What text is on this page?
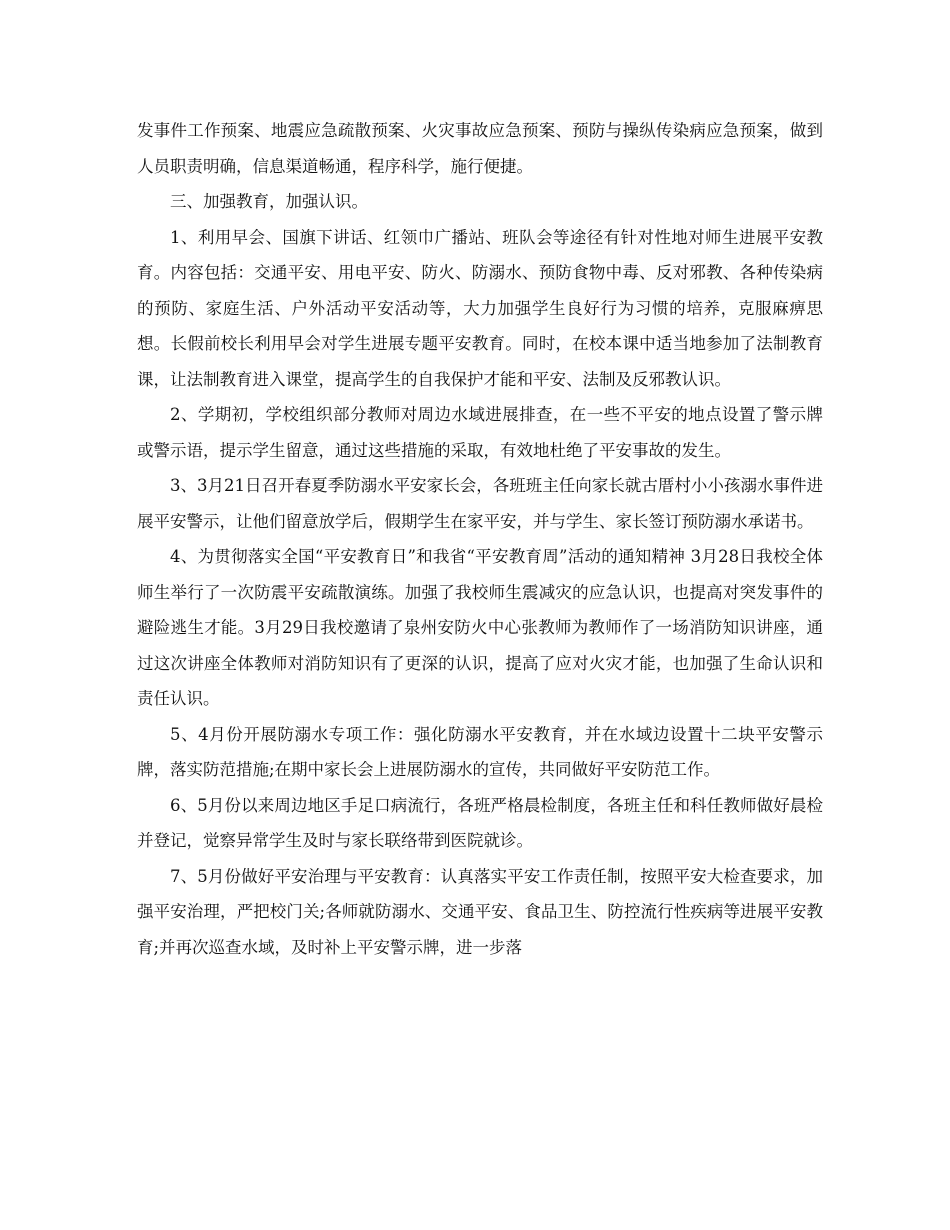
发事件工作预案、地震应急疏散预案、火灾事故应急预案、预防与操纵传染病应急预案，做到人员职责明确，信息渠道畅通，程序科学，施行便捷。

三、加强教育，加强认识。

1、利用早会、国旗下讲话、红领巾广播站、班队会等途径有针对性地对师生进展平安教育。内容包括：交通平安、用电平安、防火、防溺水、预防食物中毒、反对邪教、各种传染病的预防、家庭生活、户外活动平安活动等，大力加强学生良好行为习惯的培养，克服麻痹思想。长假前校长利用早会对学生进展专题平安教育。同时，在校本课中适当地参加了法制教育课，让法制教育进入课堂，提高学生的自我保护才能和平安、法制及反邪教认识。

2、学期初，学校组织部分教师对周边水域进展排查，在一些不平安的地点设置了警示牌或警示语，提示学生留意，通过这些措施的采取，有效地杜绝了平安事故的发生。

3、3月21日召开春夏季防溺水平安家长会，各班班主任向家长就古厝村小小孩溺水事件进展平安警示，让他们留意放学后，假期学生在家平安，并与学生、家长签订预防溺水承诺书。

4、为贯彻落实全国“平安教育日”和我省“平安教育周”活动的通知精神 3月28日我校全体师生举行了一次防震平安疏散演练。加强了我校师生震减灾的应急认识，也提高对突发事件的避险逃生才能。3月29日我校邀请了泉州安防火中心张教师为教师作了一场消防知识讲座，通过这次讲座全体教师对消防知识有了更深的认识，提高了应对火灾才能，也加强了生命认识和责任认识。

5、4月份开展防溺水专项工作：强化防溺水平安教育，并在水域边设置十二块平安警示牌，落实防范措施;在期中家长会上进展防溺水的宣传，共同做好平安防范工作。

6、5月份以来周边地区手足口病流行，各班严格晨检制度，各班主任和科任教师做好晨检并登记，觉察异常学生及时与家长联络带到医院就诊。

7、5月份做好平安治理与平安教育：认真落实平安工作责任制，按照平安大检查要求，加强平安治理，严把校门关;各师就防溺水、交通平安、食品卫生、防控流行性疾病等进展平安教育;并再次巡查水域，及时补上平安警示牌，进一步落
